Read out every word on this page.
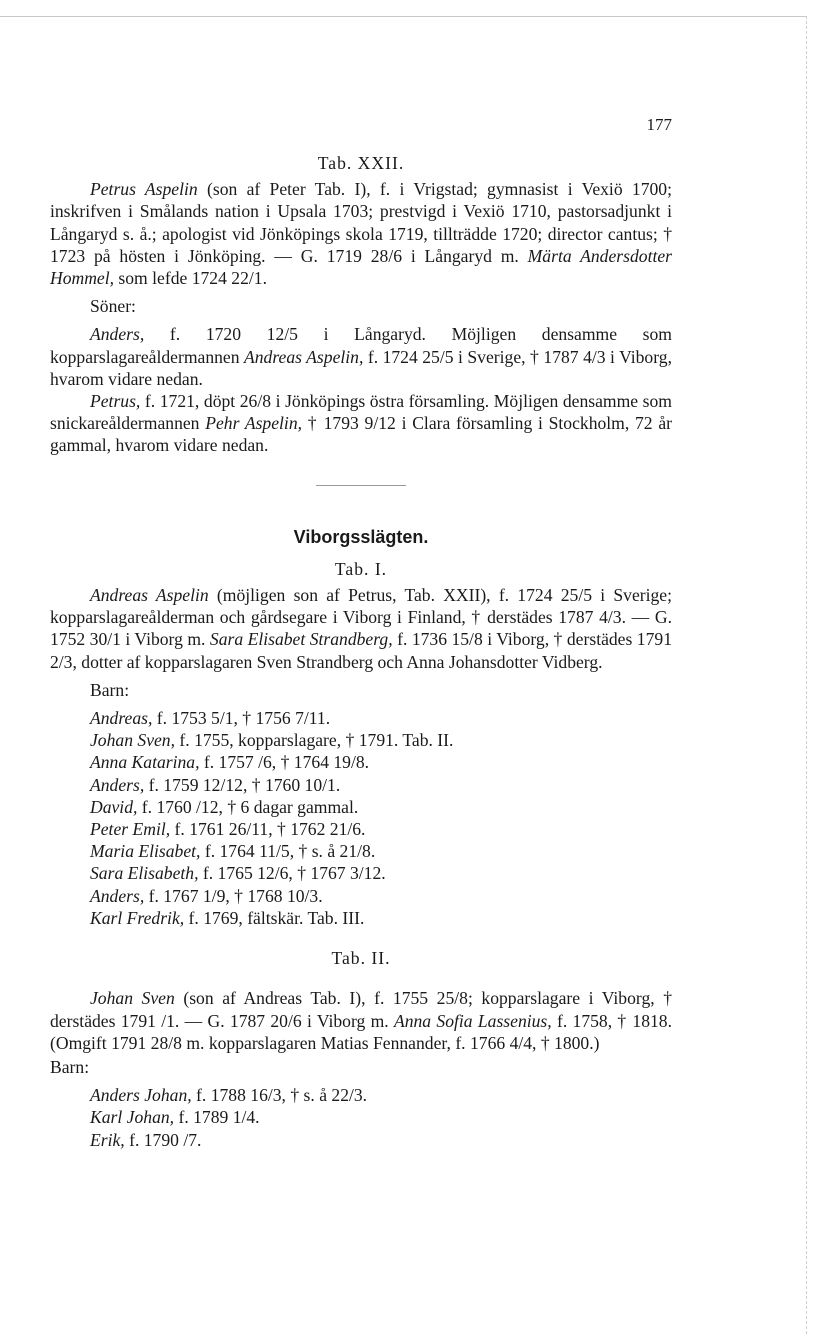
177

Tab. XXII.

Petrus Aspelin (son af Peter Tab. I), f. i Vrigstad; gymnasist i Vexiö 1700; inskrifven i Smålands nation i Upsala 1703; prestvigd i Vexiö 1710, pastorsadjunkt i Långaryd s. å.; apologist vid Jönköpings skola 1719, tillträdde 1720; director cantus; † 1723 på hösten i Jönköping. — G. 1719 28/6 i Långaryd m. Märta Andersdotter Hommel, som lefde 1724 22/1.

Söner:

Anders, f. 1720 12/5 i Långaryd. Möjligen densamme som kopparslagareåldermannen Andreas Aspelin, f. 1724 25/5 i Sverige, † 1787 4/3 i Viborg, hvarom vidare nedan.

Petrus, f. 1721, döpt 26/8 i Jönköpings östra församling. Möjligen densamme som snickareåldermannen Pehr Aspelin, † 1793 9/12 i Clara församling i Stockholm, 72 år gammal, hvarom vidare nedan.

Viborgsslägten.

Tab. I.

Andreas Aspelin (möjligen son af Petrus, Tab. XXII), f. 1724 25/5 i Sverige; kopparslagareålderman och gårdsegare i Viborg i Finland, † derstädes 1787 4/3. — G. 1752 30/1 i Viborg m. Sara Elisabet Strandberg, f. 1736 15/8 i Viborg, † derstädes 1791 2/3, dotter af kopparslagaren Sven Strandberg och Anna Johansdotter Vidberg.

Barn:

Andreas, f. 1753 5/1, † 1756 7/11.
Johan Sven, f. 1755, kopparslagare, † 1791. Tab. II.
Anna Katarina, f. 1757 /6, † 1764 19/8.
Anders, f. 1759 12/12, † 1760 10/1.
David, f. 1760 /12, † 6 dagar gammal.
Peter Emil, f. 1761 26/11, † 1762 21/6.
Maria Elisabet, f. 1764 11/5, † s. å 21/8.
Sara Elisabeth, f. 1765 12/6, † 1767 3/12.
Anders, f. 1767 1/9, † 1768 10/3.
Karl Fredrik, f. 1769, fältskär. Tab. III.

Tab. II.

Johan Sven (son af Andreas Tab. I), f. 1755 25/8; kopparslagare i Viborg, † derstädes 1791 /1. — G. 1787 20/6 i Viborg m. Anna Sofia Lassenius, f. 1758, † 1818. (Omgift 1791 28/8 m. kopparslagaren Matias Fennander, f. 1766 4/4, † 1800.)

Barn:

Anders Johan, f. 1788 16/3, † s. å 22/3.
Karl Johan, f. 1789 1/4.
Erik, f. 1790 /7.
